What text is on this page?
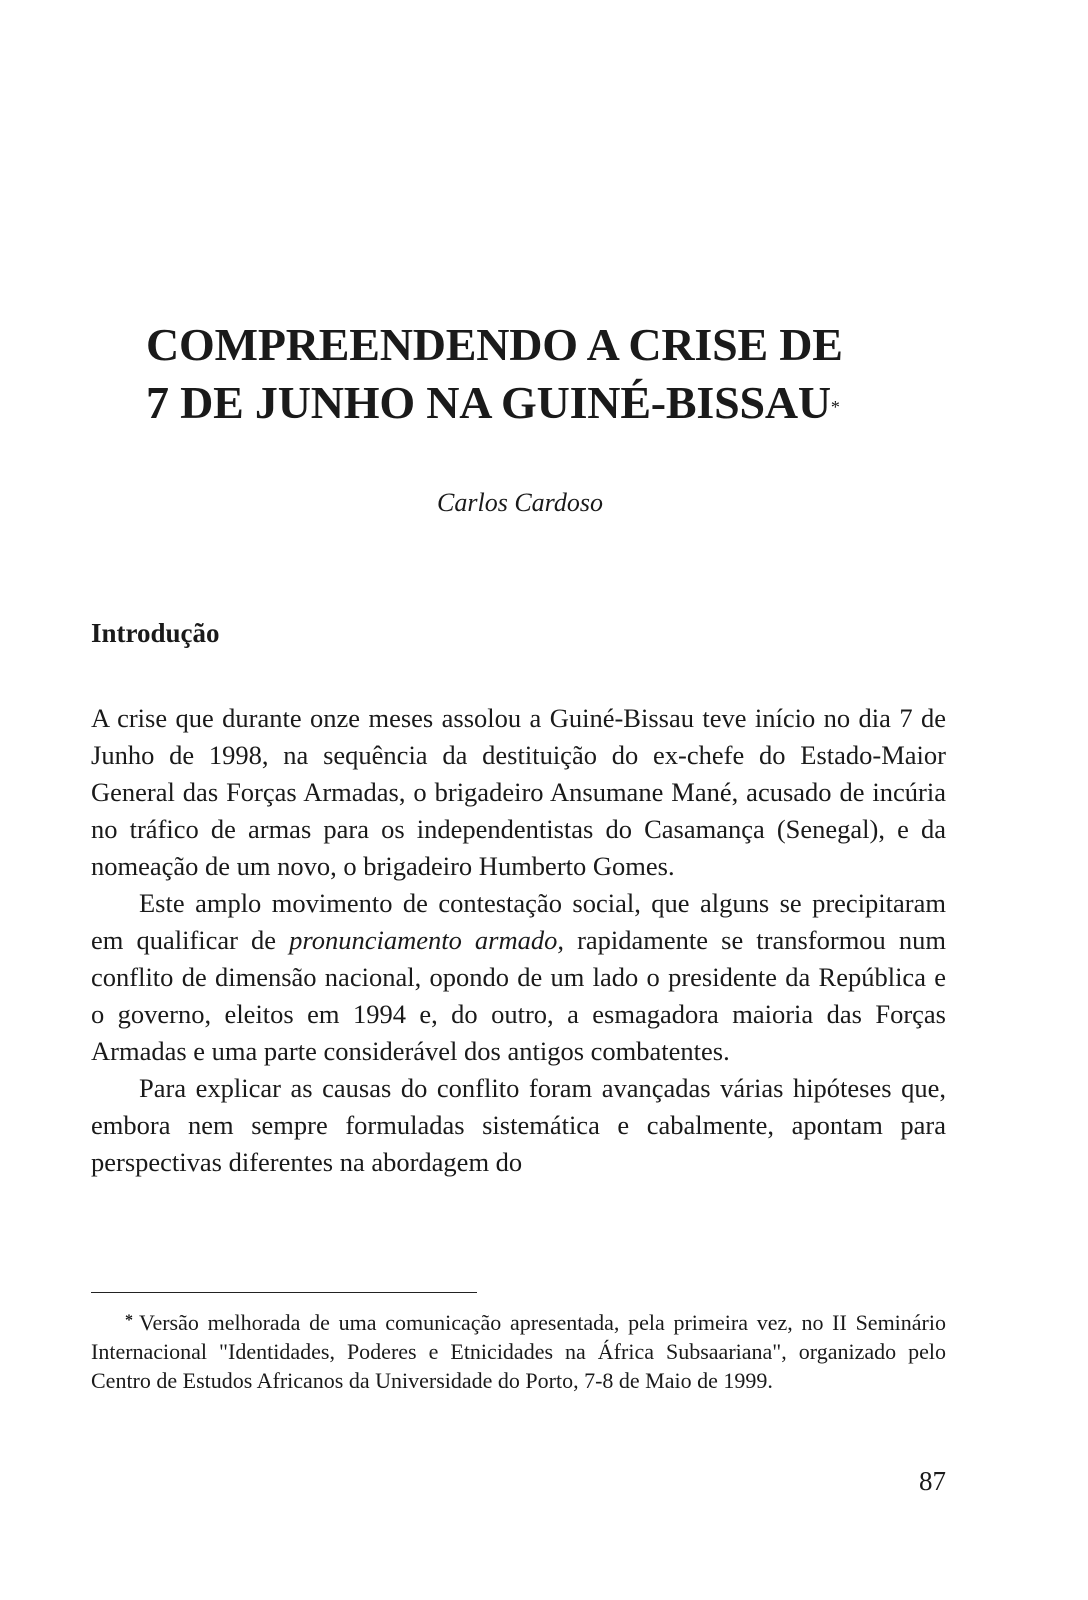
COMPREENDENDO A CRISE DE
7 DE JUNHO NA GUINÉ-BISSAU*
Carlos Cardoso
Introdução

A crise que durante onze meses assolou a Guiné-Bissau teve início no dia 7 de Junho de 1998, na sequência da destituição do ex-chefe do Estado-Maior General das Forças Armadas, o brigadeiro Ansumane Mané, acusado de incúria no tráfico de armas para os independentistas do Casamança (Senegal), e da nomeação de um novo, o brigadeiro Humberto Gomes.

Este amplo movimento de contestação social, que alguns se precipitaram em qualificar de pronunciamento armado, rapidamente se transformou num conflito de dimensão nacional, opondo de um lado o presidente da República e o governo, eleitos em 1994 e, do outro, a esmagadora maioria das Forças Armadas e uma parte considerável dos antigos combatentes.

Para explicar as causas do conflito foram avançadas várias hipóteses que, embora nem sempre formuladas sistemática e cabalmente, apontam para perspectivas diferentes na abordagem do

* Versão melhorada de uma comunicação apresentada, pela primeira vez, no II Seminário Internacional "Identidades, Poderes e Etnicidades na África Subsaariana", organizado pelo Centro de Estudos Africanos da Universidade do Porto, 7-8 de Maio de 1999.
87
